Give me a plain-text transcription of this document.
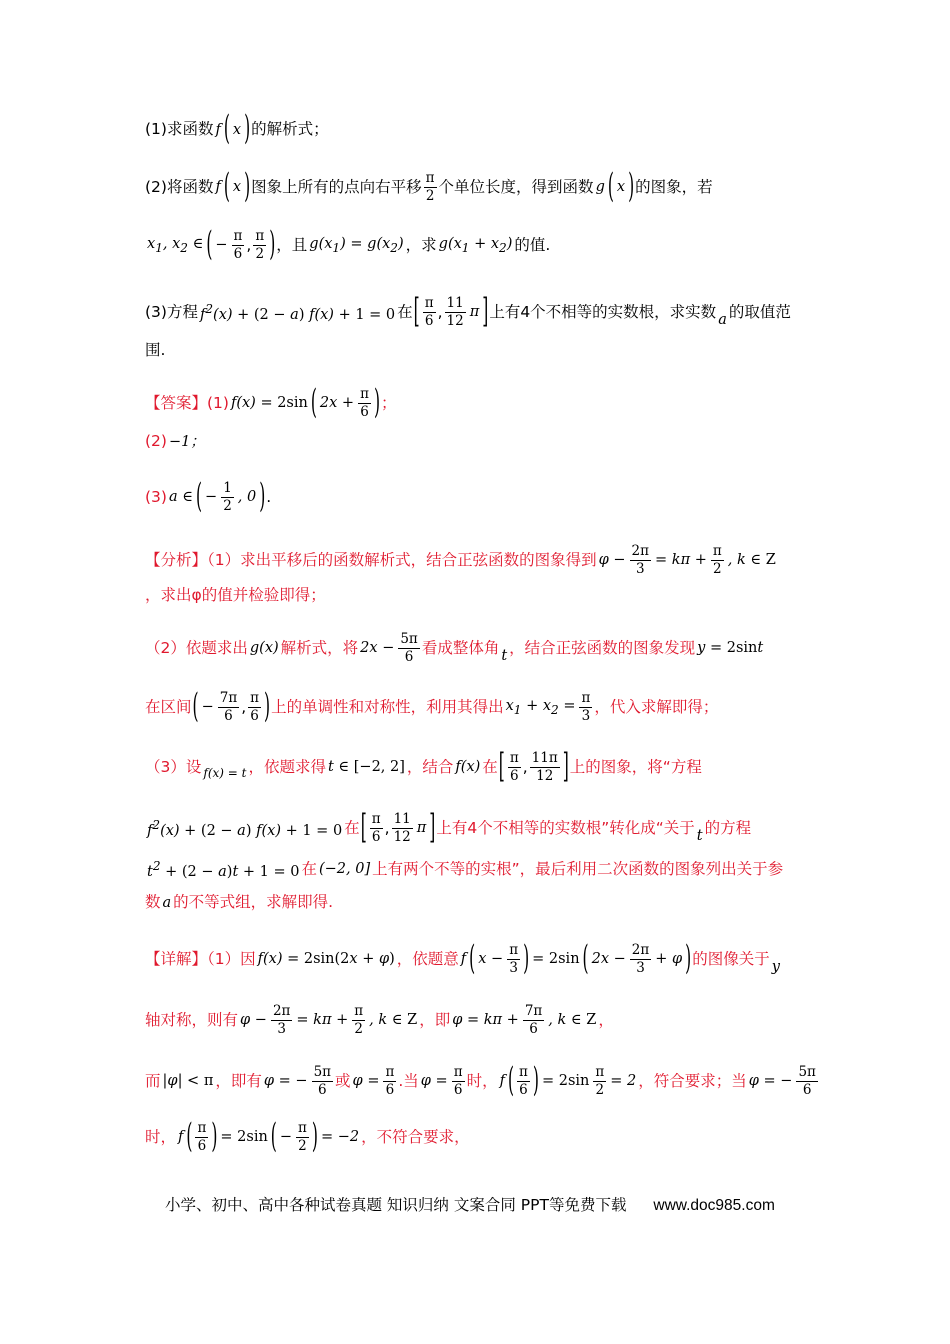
(1)求函数 f ( x ) 的解析式；
(2)将函数 f ( x ) 图象上所有的点向右平移 $\frac{\pi}{2}$ 个单位长度，得到函数 g ( x ) 的图象，若
$x_1$, $x_2$ ∈ ( − $\frac{\pi}{6}$ , $\frac{\pi}{2}$ ) ，且 $g(x_1) = g(x_2)$ ，求 $g(x_1 + x_2)$ 的值.
(3)方程 $f^2(x) + (2 - a) f(x) + 1 = 0$ 在 [ $\frac{\pi}{6}$ , $\frac{11}{12}$ π ] 上有4个不相等的实数根，求实数 a 的取值范
围.
【答案】(1) f(x) = 2sin ( $2x + \frac{\pi}{6}$ ) ；
(2) −1；
(3) a ∈ ( − $\frac{1}{2}$ , 0 ) .
【分析】（1）求出平移后的函数解析式，结合正弦函数的图象得到 $\varphi - \frac{2\pi}{3} = k\pi + \frac{\pi}{2}$ , k ∈ Z
，求出φ的值并检验即得；
（2）依题求出 g(x) 解析式，将 $2x - \frac{5\pi}{6}$ 看成整体角 t ，结合正弦函数的图象发现 y = 2sint
在区间 ( − $\frac{7\pi}{6}$ , $\frac{\pi}{6}$ ) 上的单调性和对称性，利用其得出 $x_1 + x_2 = \frac{\pi}{3}$ ，代入求解即得；
（3）设 f(x) = t ，依题求得 t ∈ [−2, 2] ，结合 f(x) 在 [ $\frac{\pi}{6}$ , $\frac{11\pi}{12}$ ] 上的图象，将“方程
$f^2(x) + (2 - a) f(x) + 1 = 0$ 在 [ $\frac{\pi}{6}$ , $\frac{11}{12}$ π ] 上有4个不相等的实数根”转化成“关于 t 的方程
$t^2 + (2 - a)t + 1 = 0$ 在 (−2, 0] 上有两个不等的实根”，最后利用二次函数的图象列出关于参
数 a 的不等式组，求解即得.
【详解】（1）因 f(x) = 2sin(2x + φ) ，依题意 f ( $x - \frac{\pi}{3}$ ) = 2sin ( $2x - \frac{2\pi}{3} + \varphi$ ) 的图像关于 y
轴对称，则有 $\varphi - \frac{2\pi}{3} = k\pi + \frac{\pi}{2}$ , k ∈ Z ，即 $\varphi = k\pi + \frac{7\pi}{6}$ , k ∈ Z ，
而 |φ| < π ，即有 φ = − $\frac{5\pi}{6}$ 或 $\varphi = \frac{\pi}{6}$ .当 $\varphi = \frac{\pi}{6}$ 时， f ( $\frac{\pi}{6}$ ) = $2\sin \frac{\pi}{2} = 2$ ，符合要求；当 φ = − $\frac{5\pi}{6}$
时， f ( $\frac{\pi}{6}$ ) = 2sin ( − $\frac{\pi}{2}$ ) = −2 ，不符合要求，
小学、初中、高中各种试卷真题 知识归纳 文案合同 PPT等免费下载 www.doc985.com
